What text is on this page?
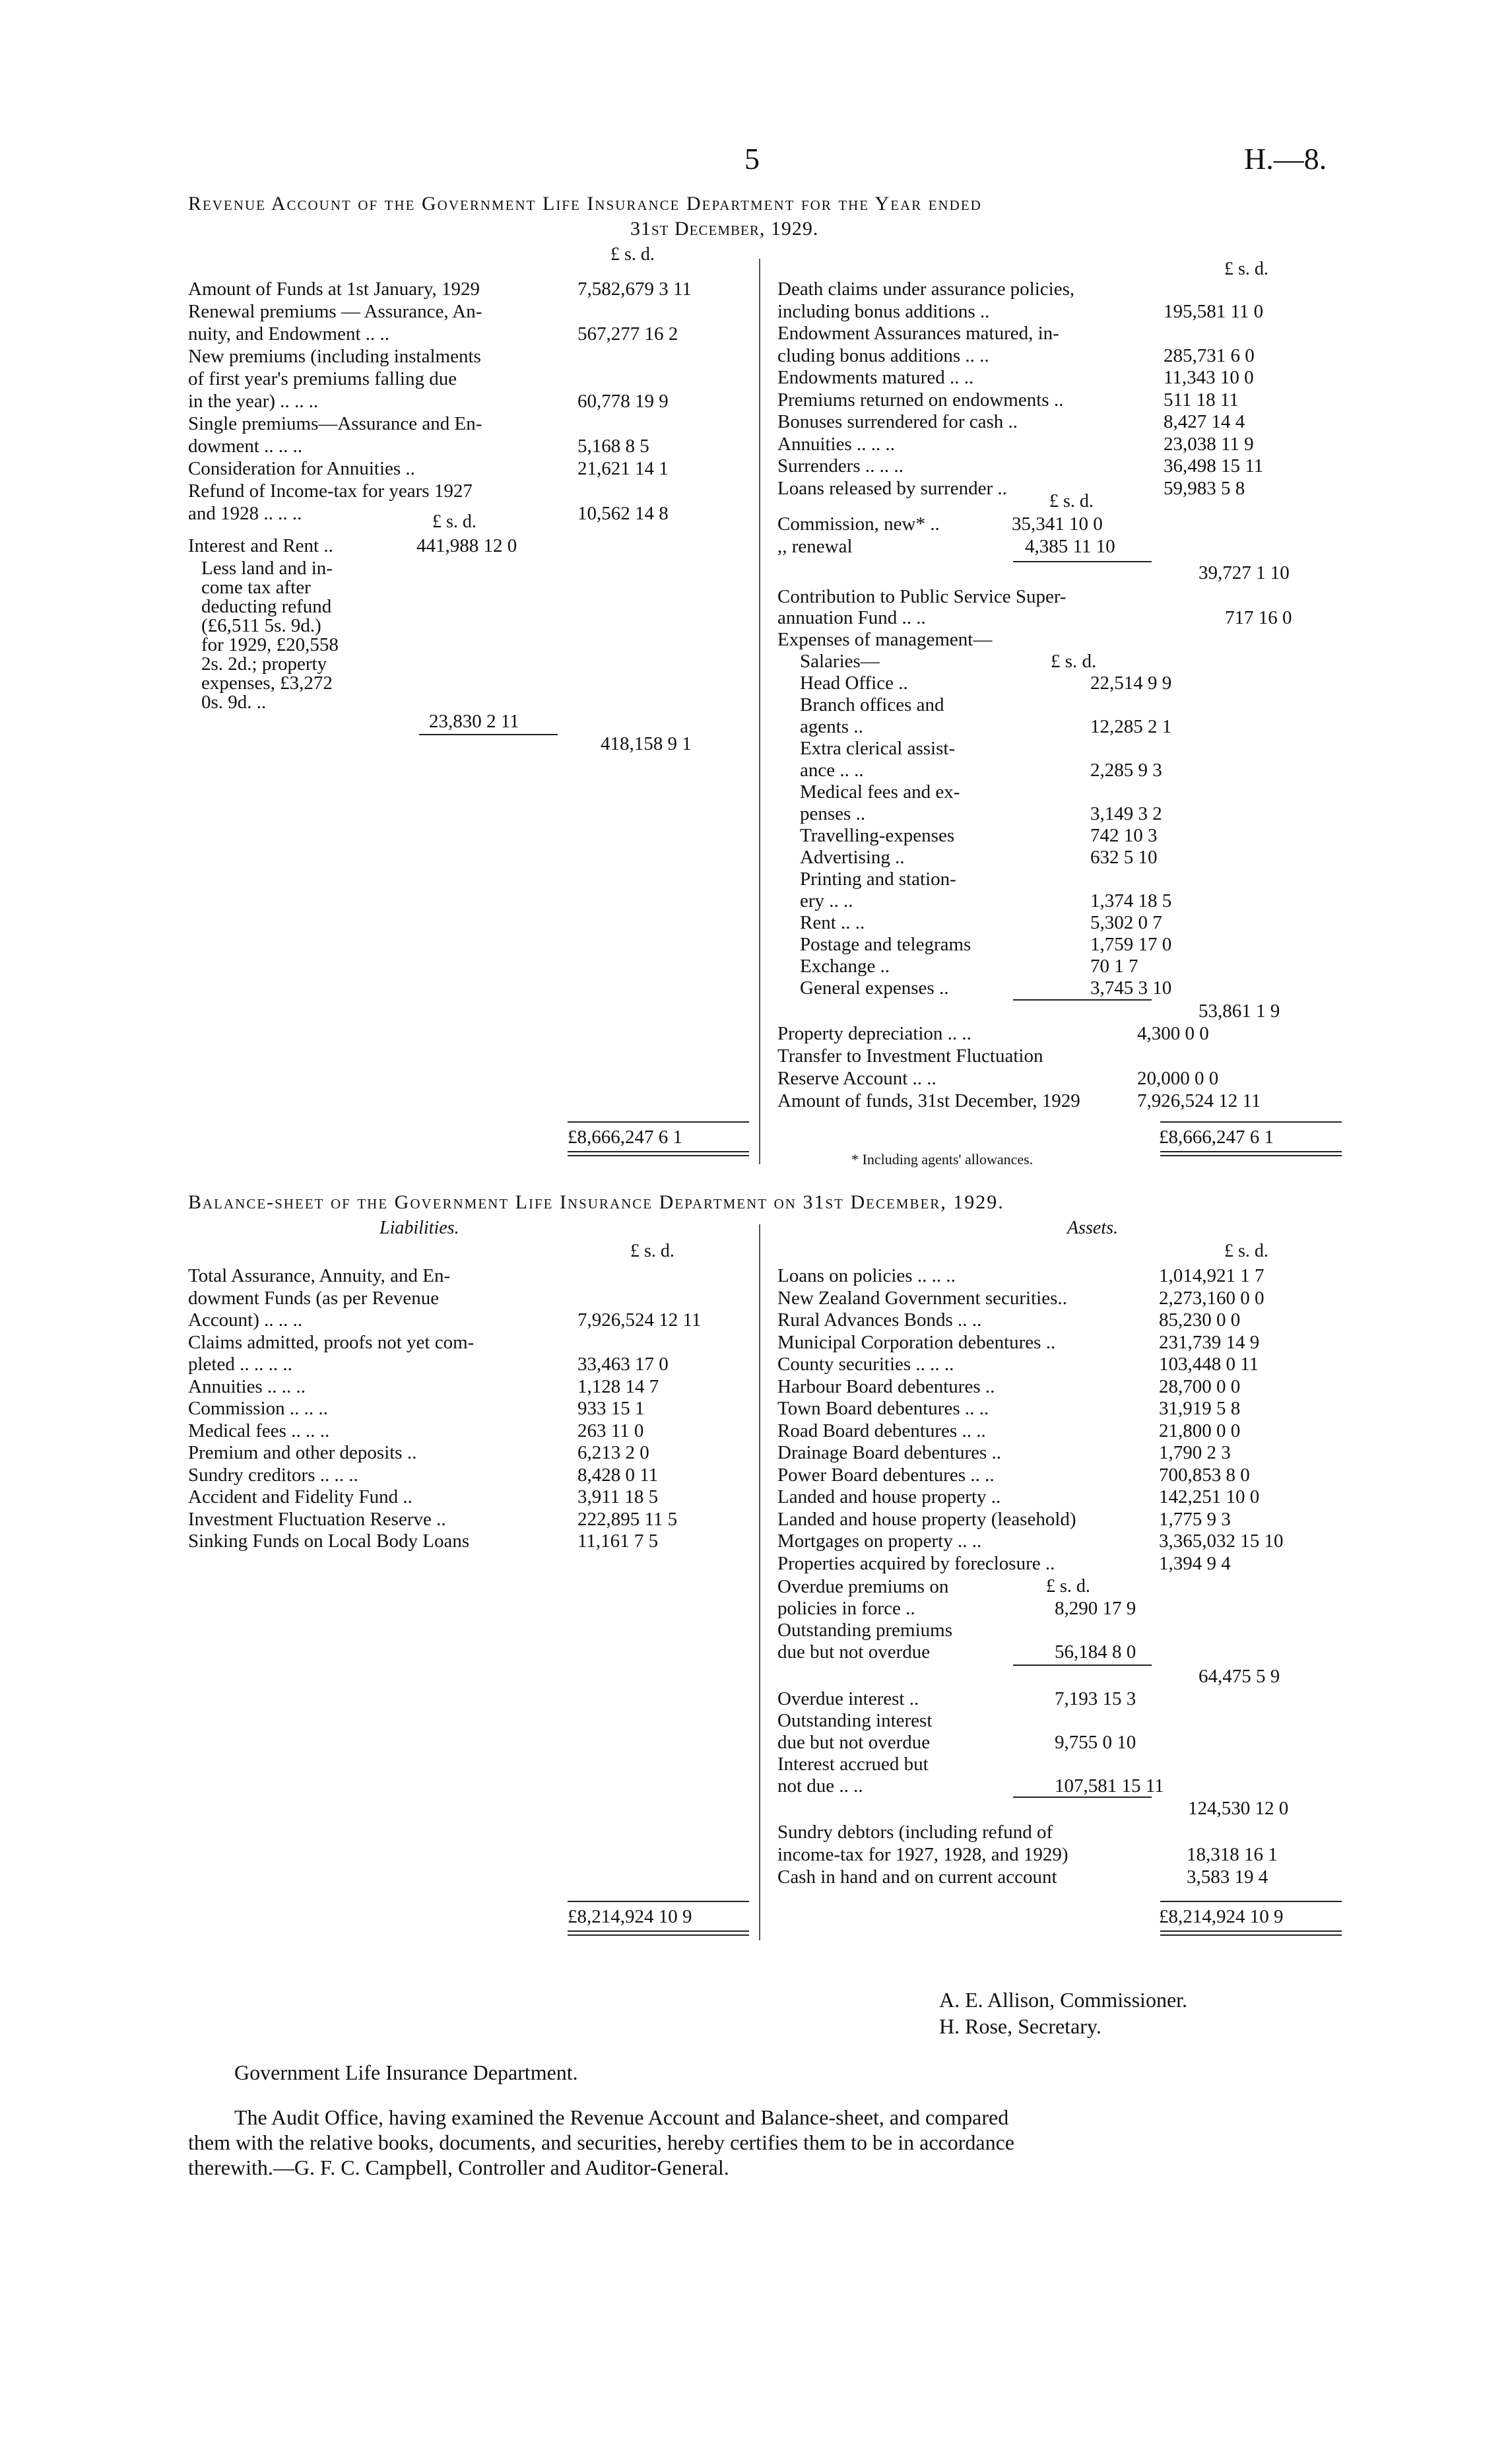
5	H.—8.
Revenue Account of the Government Life Insurance Department for the Year ended
31st December, 1929.
£ s. d.
£ s. d.
Amount of Funds at 1st January, 1929	7,582,679 3 11
Renewal premiums — Assurance, An-
nuity, and Endowment .. ..	567,277 16 2
New premiums (including instalments
of first year's premiums falling due
in the year) .. .. ..	60,778 19 9
Single premiums—Assurance and En-
dowment .. .. ..	5,168 8 5
Consideration for Annuities ..	21,621 14 1
Refund of Income-tax for years 1927
and 1928 .. .. ..	10,562 14 8
£ s. d.
Interest and Rent ..	441,988 12 0
Less land and in-
come tax after
deducting refund
(£6,511 5s. 9d.)
for 1929, £20,558
2s. 2d.; property
expenses, £3,272
0s. 9d. ..
23,830 2 11
418,158 9 1
£8,666,247 6 1
Death claims under assurance policies,
including bonus additions ..	195,581 11 0
Endowment Assurances matured, in-
cluding bonus additions .. ..	285,731 6 0
Endowments matured .. ..	11,343 10 0
Premiums returned on endowments ..	511 18 11
Bonuses surrendered for cash ..	8,427 14 4
Annuities .. .. ..	23,038 11 9
Surrenders .. .. ..	36,498 15 11
Loans released by surrender ..	59,983 5 8
£ s. d.
Commission, new* ..	35,341 10 0
,, renewal	4,385 11 10
39,727 1 10
Contribution to Public Service Super-
annuation Fund .. ..	717 16 0
Expenses of management—
Salaries—	£ s. d.
Head Office ..	22,514 9 9
Branch offices and
agents ..	12,285 2 1
Extra clerical assist-
ance .. ..	2,285 9 3
Medical fees and ex-
penses ..	3,149 3 2
Travelling-expenses	742 10 3
Advertising ..	632 5 10
Printing and station-
ery .. ..	1,374 18 5
Rent .. ..	5,302 0 7
Postage and telegrams	1,759 17 0
Exchange ..	70 1 7
General expenses ..	3,745 3 10
53,861 1 9
Property depreciation .. ..	4,300 0 0
Transfer to Investment Fluctuation
Reserve Account .. ..	20,000 0 0
Amount of funds, 31st December, 1929	7,926,524 12 11
£8,666,247 6 1
* Including agents' allowances.
Balance-sheet of the Government Life Insurance Department on 31st December, 1929.
Liabilities.	Assets.
£ s. d.	£ s. d.
Total Assurance, Annuity, and En-
dowment Funds (as per Revenue
Account) .. .. ..	7,926,524 12 11
Claims admitted, proofs not yet com-
pleted .. .. .. ..	33,463 17 0
Annuities .. .. ..	1,128 14 7
Commission .. .. ..	933 15 1
Medical fees .. .. ..	263 11 0
Premium and other deposits ..	6,213 2 0
Sundry creditors .. .. ..	8,428 0 11
Accident and Fidelity Fund ..	3,911 18 5
Investment Fluctuation Reserve ..	222,895 11 5
Sinking Funds on Local Body Loans	11,161 7 5
Loans on policies .. .. ..	1,014,921 1 7
New Zealand Government securities..	2,273,160 0 0
Rural Advances Bonds .. ..	85,230 0 0
Municipal Corporation debentures ..	231,739 14 9
County securities .. .. ..	103,448 0 11
Harbour Board debentures ..	28,700 0 0
Town Board debentures .. ..	31,919 5 8
Road Board debentures .. ..	21,800 0 0
Drainage Board debentures ..	1,790 2 3
Power Board debentures .. ..	700,853 8 0
Landed and house property ..	142,251 10 0
Landed and house property (leasehold)	1,775 9 3
Mortgages on property .. ..	3,365,032 15 10
Properties acquired by foreclosure ..	1,394 9 4
£ s. d.
Overdue premiums on
policies in force ..	8,290 17 9
Outstanding premiums
due but not overdue	56,184 8 0
64,475 5 9
Overdue interest ..	7,193 15 3
Outstanding interest
due but not overdue	9,755 0 10
Interest accrued but
not due .. ..	107,581 15 11
124,530 12 0
Sundry debtors (including refund of
income-tax for 1927, 1928, and 1929)	18,318 16 1
Cash in hand and on current account	3,583 19 4
£8,214,924 10 9	£8,214,924 10 9
A. E. Allison, Commissioner.
H. Rose, Secretary.
Government Life Insurance Department.
The Audit Office, having examined the Revenue Account and Balance-sheet, and compared
them with the relative books, documents, and securities, hereby certifies them to be in accordance
therewith.—G. F. C. Campbell, Controller and Auditor-General.
